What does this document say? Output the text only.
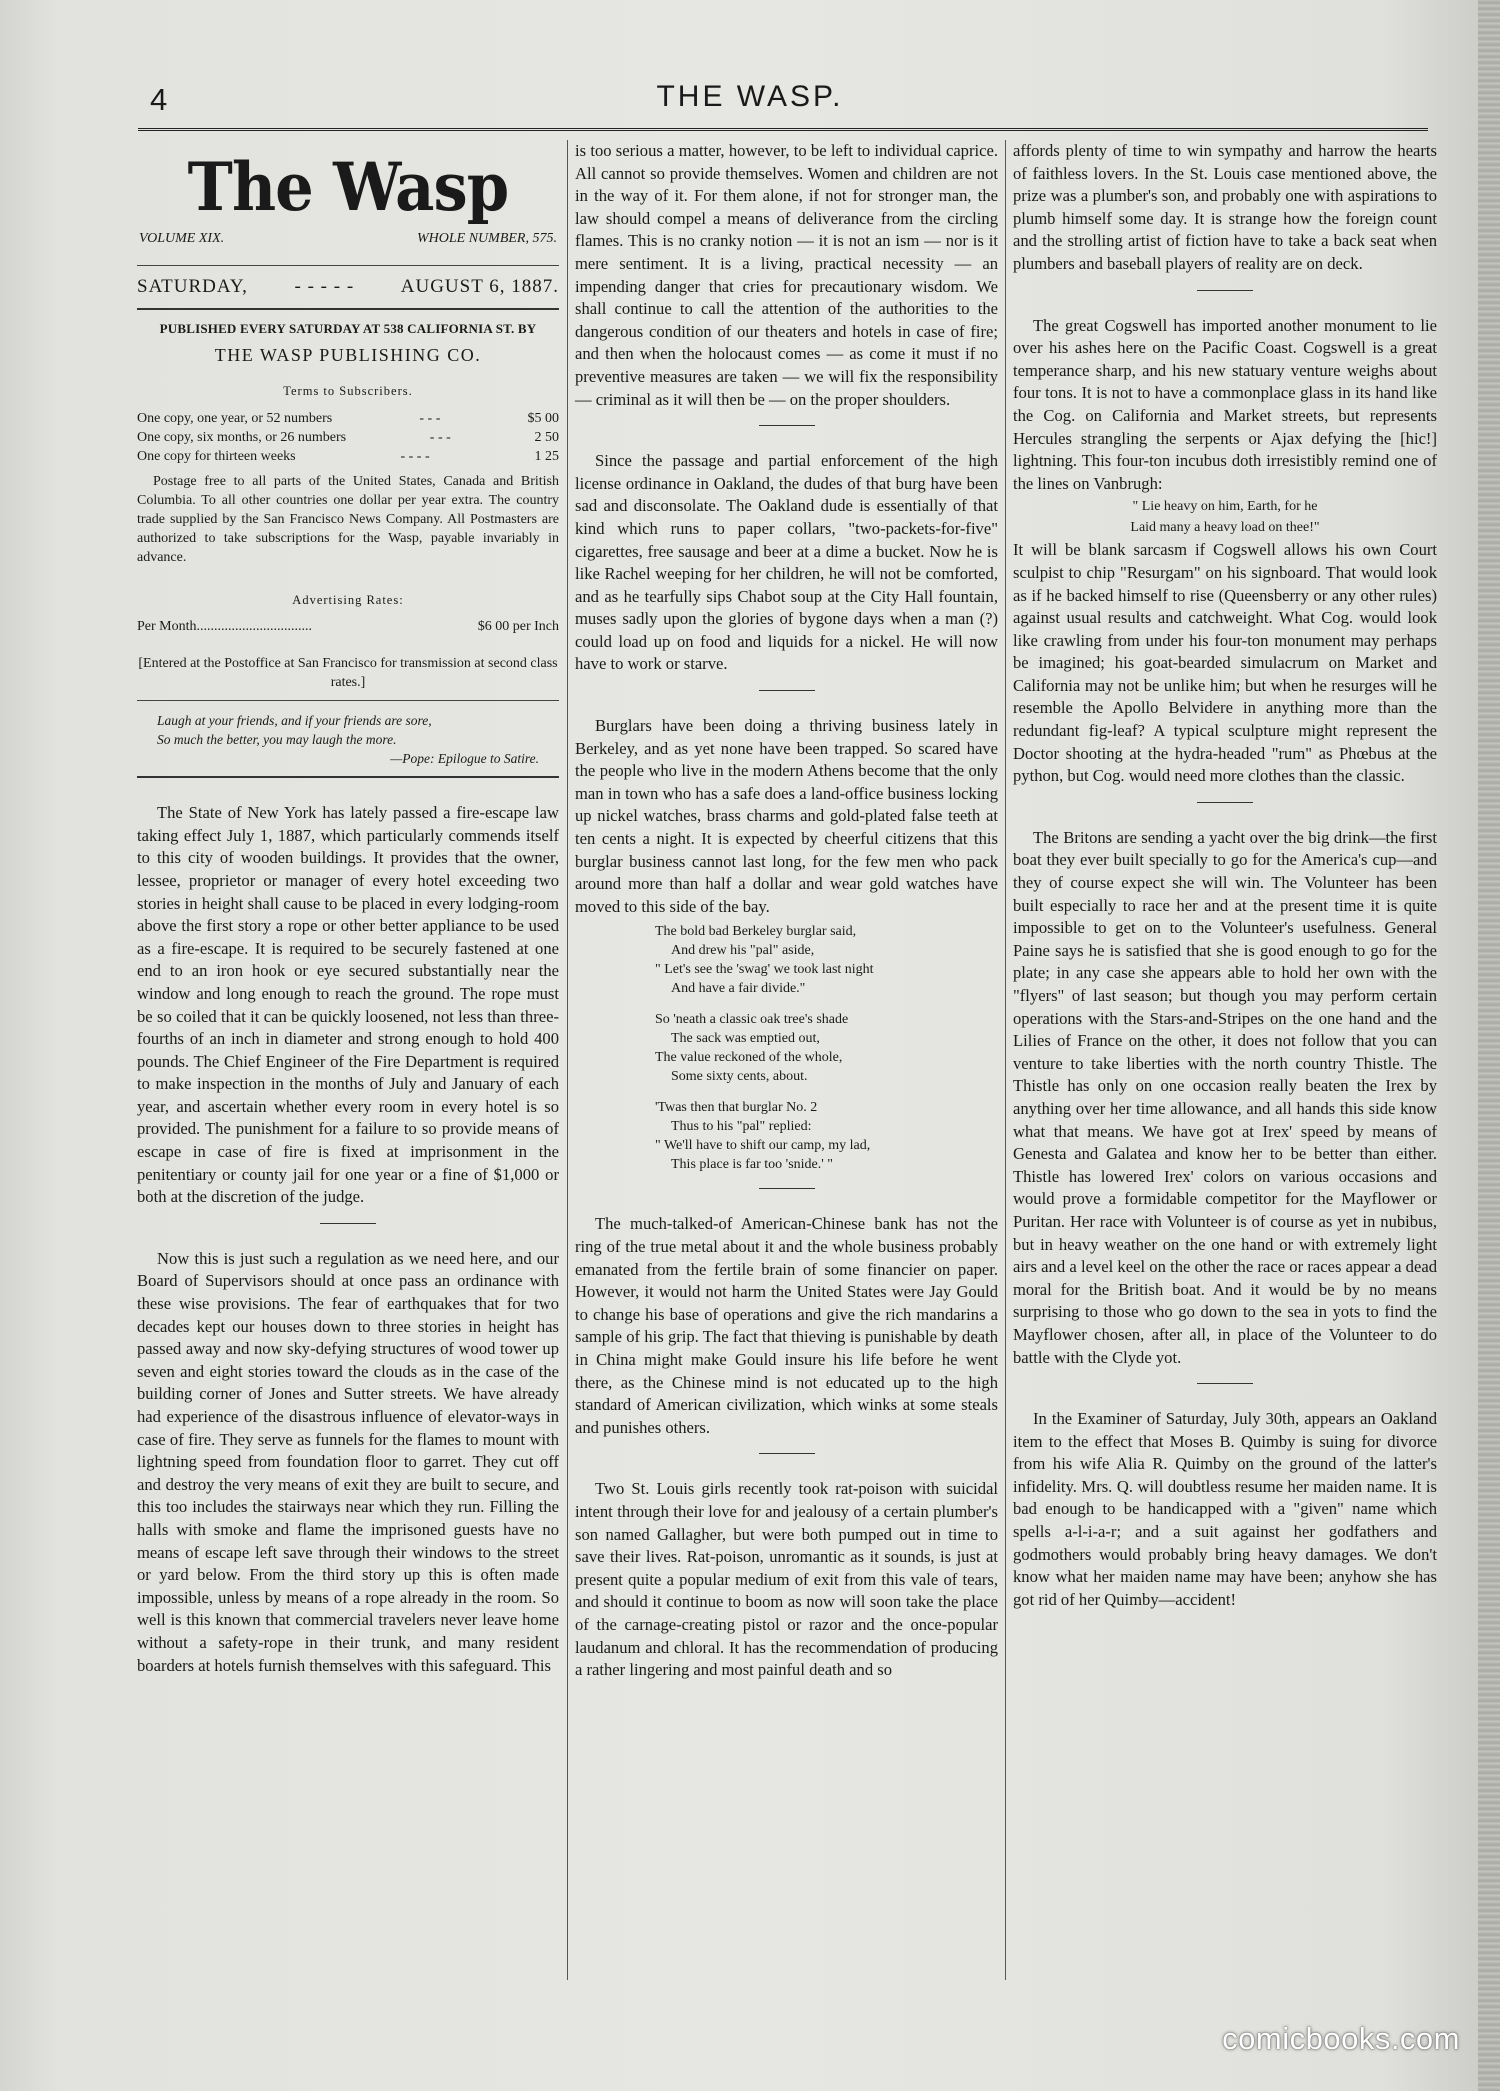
4	THE WASP.
The Wasp
VOLUME XIX.	WHOLE NUMBER, 575.
SATURDAY, - - - - - AUGUST 6, 1887.
PUBLISHED EVERY SATURDAY AT 538 CALIFORNIA ST. BY
THE WASP PUBLISHING CO.
Terms to Subscribers.
One copy, one year, or 52 numbers	- - -	$5 00
One copy, six months, or 26 numbers	- - -	2 50
One copy for thirteen weeks	- - - -	1 25

Postage free to all parts of the United States, Canada and British Columbia. To all other countries one dollar per year extra. The country trade supplied by the San Francisco News Company. All Postmasters are authorized to take subscriptions for the Wasp, payable invariably in advance.

Advertising Rates:
Per Month.................................	$6 00 per Inch
[Entered at the Postoffice at San Francisco for transmission at second class rates.]
Laugh at your friends, and if your friends are sore,
So much the better, you may laugh the more.
—Pope: Epilogue to Satire.

The State of New York has lately passed a fire-escape law taking effect July 1, 1887, which particularly commends itself to this city of wooden buildings. It provides that the owner, lessee, proprietor or manager of every hotel exceeding two stories in height shall cause to be placed in every lodging-room above the first story a rope or other better appliance to be used as a fire-escape. It is required to be securely fastened at one end to an iron hook or eye secured substantially near the window and long enough to reach the ground. The rope must be so coiled that it can be quickly loosened, not less than three-fourths of an inch in diameter and strong enough to hold 400 pounds. The Chief Engineer of the Fire Department is required to make inspection in the months of July and January of each year, and ascertain whether every room in every hotel is so provided. The punishment for a failure to so provide means of escape in case of fire is fixed at imprisonment in the penitentiary or county jail for one year or a fine of $1,000 or both at the discretion of the judge.

Now this is just such a regulation as we need here, and our Board of Supervisors should at once pass an ordinance with these wise provisions. The fear of earthquakes that for two decades kept our houses down to three stories in height has passed away and now sky-defying structures of wood tower up seven and eight stories toward the clouds as in the case of the building corner of Jones and Sutter streets. We have already had experience of the disastrous influence of elevator-ways in case of fire. They serve as funnels for the flames to mount with lightning speed from foundation floor to garret. They cut off and destroy the very means of exit they are built to secure, and this too includes the stairways near which they run. Filling the halls with smoke and flame the imprisoned guests have no means of escape left save through their windows to the street or yard below. From the third story up this is often made impossible, unless by means of a rope already in the room. So well is this known that commercial travelers never leave home without a safety-rope in their trunk, and many resident boarders at hotels furnish themselves with this safeguard. This

is too serious a matter, however, to be left to individual caprice. All cannot so provide themselves. Women and children are not in the way of it. For them alone, if not for stronger man, the law should compel a means of deliverance from the circling flames. This is no cranky notion — it is not an ism — nor is it mere sentiment. It is a living, practical necessity — an impending danger that cries for precautionary wisdom. We shall continue to call the attention of the authorities to the dangerous condition of our theaters and hotels in case of fire; and then when the holocaust comes — as come it must if no preventive measures are taken — we will fix the responsibility — criminal as it will then be — on the proper shoulders.

Since the passage and partial enforcement of the high license ordinance in Oakland, the dudes of that burg have been sad and disconsolate. The Oakland dude is essentially of that kind which runs to paper collars, "two-packets-for-five" cigarettes, free sausage and beer at a dime a bucket. Now he is like Rachel weeping for her children, he will not be comforted, and as he tearfully sips Chabot soup at the City Hall fountain, muses sadly upon the glories of bygone days when a man (?) could load up on food and liquids for a nickel. He will now have to work or starve.

Burglars have been doing a thriving business lately in Berkeley, and as yet none have been trapped. So scared have the people who live in the modern Athens become that the only man in town who has a safe does a land-office business locking up nickel watches, brass charms and gold-plated false teeth at ten cents a night. It is expected by cheerful citizens that this burglar business cannot last long, for the few men who pack around more than half a dollar and wear gold watches have moved to this side of the bay.

The bold bad Berkeley burglar said,
And drew his "pal" aside,
" Let's see the 'swag' we took last night
And have a fair divide."
So 'neath a classic oak tree's shade
The sack was emptied out,
The value reckoned of the whole,
Some sixty cents, about.
'Twas then that burglar No. 2
Thus to his "pal" replied:
" We'll have to shift our camp, my lad,
This place is far too 'snide.' "

The much-talked-of American-Chinese bank has not the ring of the true metal about it and the whole business probably emanated from the fertile brain of some financier on paper. However, it would not harm the United States were Jay Gould to change his base of operations and give the rich mandarins a sample of his grip. The fact that thieving is punishable by death in China might make Gould insure his life before he went there, as the Chinese mind is not educated up to the high standard of American civilization, which winks at some steals and punishes others.

Two St. Louis girls recently took rat-poison with suicidal intent through their love for and jealousy of a certain plumber's son named Gallagher, but were both pumped out in time to save their lives. Rat-poison, unromantic as it sounds, is just at present quite a popular medium of exit from this vale of tears, and should it continue to boom as now will soon take the place of the carnage-creating pistol or razor and the once-popular laudanum and chloral. It has the recommendation of producing a rather lingering and most painful death and so

affords plenty of time to win sympathy and harrow the hearts of faithless lovers. In the St. Louis case mentioned above, the prize was a plumber's son, and probably one with aspirations to plumb himself some day. It is strange how the foreign count and the strolling artist of fiction have to take a back seat when plumbers and baseball players of reality are on deck.

The great Cogswell has imported another monument to lie over his ashes here on the Pacific Coast. Cogswell is a great temperance sharp, and his new statuary venture weighs about four tons. It is not to have a commonplace glass in its hand like the Cog. on California and Market streets, but represents Hercules strangling the serpents or Ajax defying the [hic!] lightning. This four-ton incubus doth irresistibly remind one of the lines on Vanbrugh:

" Lie heavy on him, Earth, for he
Laid many a heavy load on thee!"

It will be blank sarcasm if Cogswell allows his own Court sculpist to chip "Resurgam" on his signboard. That would look as if he backed himself to rise (Queensberry or any other rules) against usual results and catchweight. What Cog. would look like crawling from under his four-ton monument may perhaps be imagined; his goat-bearded simulacrum on Market and California may not be unlike him; but when he resurges will he resemble the Apollo Belvidere in anything more than the redundant fig-leaf? A typical sculpture might represent the Doctor shooting at the hydra-headed "rum" as Phœbus at the python, but Cog. would need more clothes than the classic.

The Britons are sending a yacht over the big drink—the first boat they ever built specially to go for the America's cup—and they of course expect she will win. The Volunteer has been built especially to race her and at the present time it is quite impossible to get on to the Volunteer's usefulness. General Paine says he is satisfied that she is good enough to go for the plate; in any case she appears able to hold her own with the "flyers" of last season; but though you may perform certain operations with the Stars-and-Stripes on the one hand and the Lilies of France on the other, it does not follow that you can venture to take liberties with the north country Thistle. The Thistle has only on one occasion really beaten the Irex by anything over her time allowance, and all hands this side know what that means. We have got at Irex' speed by means of Genesta and Galatea and know her to be better than either. Thistle has lowered Irex' colors on various occasions and would prove a formidable competitor for the Mayflower or Puritan. Her race with Volunteer is of course as yet in nubibus, but in heavy weather on the one hand or with extremely light airs and a level keel on the other the race or races appear a dead moral for the British boat. And it would be by no means surprising to those who go down to the sea in yots to find the Mayflower chosen, after all, in place of the Volunteer to do battle with the Clyde yot.

In the Examiner of Saturday, July 30th, appears an Oakland item to the effect that Moses B. Quimby is suing for divorce from his wife Alia R. Quimby on the ground of the latter's infidelity. Mrs. Q. will doubtless resume her maiden name. It is bad enough to be handicapped with a "given" name which spells a-l-i-a-r; and a suit against her godfathers and godmothers would probably bring heavy damages. We don't know what her maiden name may have been; anyhow she has got rid of her Quimby—accident!

comicbooks.com
